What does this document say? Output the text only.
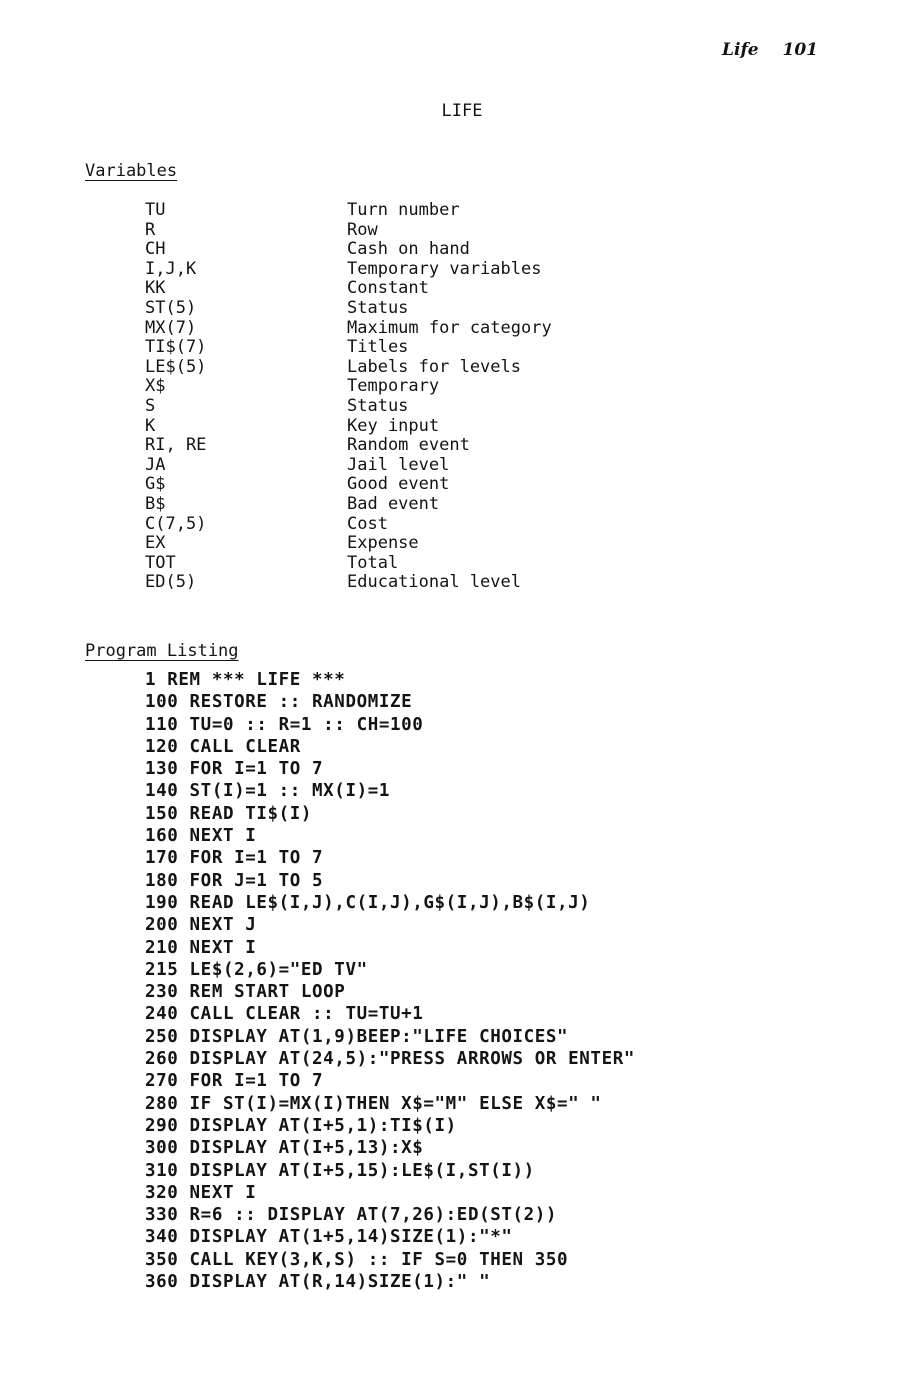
Life 101
LIFE
Variables
TU	Turn number
R	Row
CH	Cash on hand
I,J,K	Temporary variables
KK	Constant
ST(5)	Status
MX(7)	Maximum for category
TI$(7)	Titles
LE$(5)	Labels for levels
X$	Temporary
S	Status
K	Key input
RI, RE	Random event
JA	Jail level
G$	Good event
B$	Bad event
C(7,5)	Cost
EX	Expense
TOT	Total
ED(5)	Educational level
Program Listing
1 REM *** LIFE ***
100 RESTORE :: RANDOMIZE
110 TU=0 :: R=1 :: CH=100
120 CALL CLEAR
130 FOR I=1 TO 7
140 ST(I)=1 :: MX(I)=1
150 READ TI$(I)
160 NEXT I
170 FOR I=1 TO 7
180 FOR J=1 TO 5
190 READ LE$(I,J),C(I,J),G$(I,J),B$(I,J)
200 NEXT J
210 NEXT I
215 LE$(2,6)="ED TV"
230 REM START LOOP
240 CALL CLEAR :: TU=TU+1
250 DISPLAY AT(1,9)BEEP:"LIFE CHOICES"
260 DISPLAY AT(24,5):"PRESS ARROWS OR ENTER"
270 FOR I=1 TO 7
280 IF ST(I)=MX(I)THEN X$="M" ELSE X$=" "
290 DISPLAY AT(I+5,1):TI$(I)
300 DISPLAY AT(I+5,13):X$
310 DISPLAY AT(I+5,15):LE$(I,ST(I))
320 NEXT I
330 R=6 :: DISPLAY AT(7,26):ED(ST(2))
340 DISPLAY AT(1+5,14)SIZE(1):"*"
350 CALL KEY(3,K,S) :: IF S=0 THEN 350
360 DISPLAY AT(R,14)SIZE(1):" "
